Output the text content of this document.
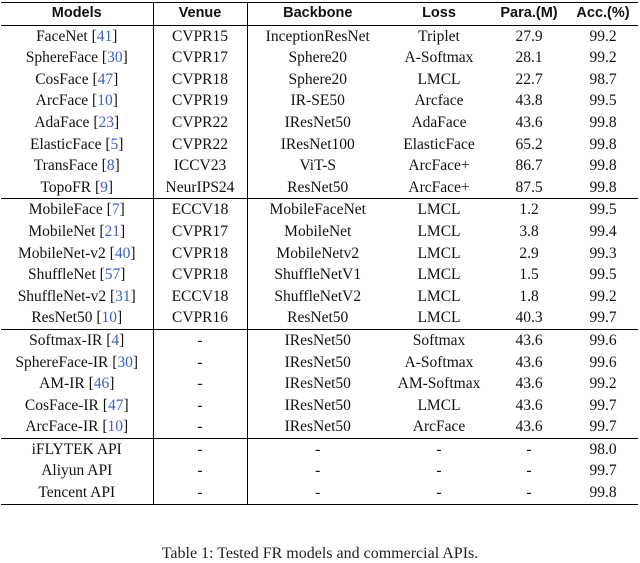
Models	Venue	Backbone	Loss	Para.(M)	Acc.(%)
FaceNet [41]	CVPR15	InceptionResNet	Triplet	27.9	99.2
SphereFace [30]	CVPR17	Sphere20	A-Softmax	28.1	99.2
CosFace [47]	CVPR18	Sphere20	LMCL	22.7	98.7
ArcFace [10]	CVPR19	IR-SE50	Arcface	43.8	99.5
AdaFace [23]	CVPR22	IResNet50	AdaFace	43.6	99.8
ElasticFace [5]	CVPR22	IResNet100	ElasticFace	65.2	99.8
TransFace [8]	ICCV23	ViT-S	ArcFace+	86.7	99.8
TopoFR [9]	NeurIPS24	ResNet50	ArcFace+	87.5	99.8
MobileFace [7]	ECCV18	MobileFaceNet	LMCL	1.2	99.5
MobileNet [21]	CVPR17	MobileNet	LMCL	3.8	99.4
MobileNet-v2 [40]	CVPR18	MobileNetv2	LMCL	2.9	99.3
ShuffleNet [57]	CVPR18	ShuffleNetV1	LMCL	1.5	99.5
ShuffleNet-v2 [31]	ECCV18	ShuffleNetV2	LMCL	1.8	99.2
ResNet50 [10]	CVPR16	ResNet50	LMCL	40.3	99.7
Softmax-IR [4]	-	IResNet50	Softmax	43.6	99.6
SphereFace-IR [30]	-	IResNet50	A-Softmax	43.6	99.6
AM-IR [46]	-	IResNet50	AM-Softmax	43.6	99.2
CosFace-IR [47]	-	IResNet50	LMCL	43.6	99.7
ArcFace-IR [10]	-	IResNet50	ArcFace	43.6	99.7
iFLYTEK API	-	-	-	-	98.0
Aliyun API	-	-	-	-	99.7
Tencent API	-	-	-	-	99.8
Table 1: Tested FR models and commercial APIs.
